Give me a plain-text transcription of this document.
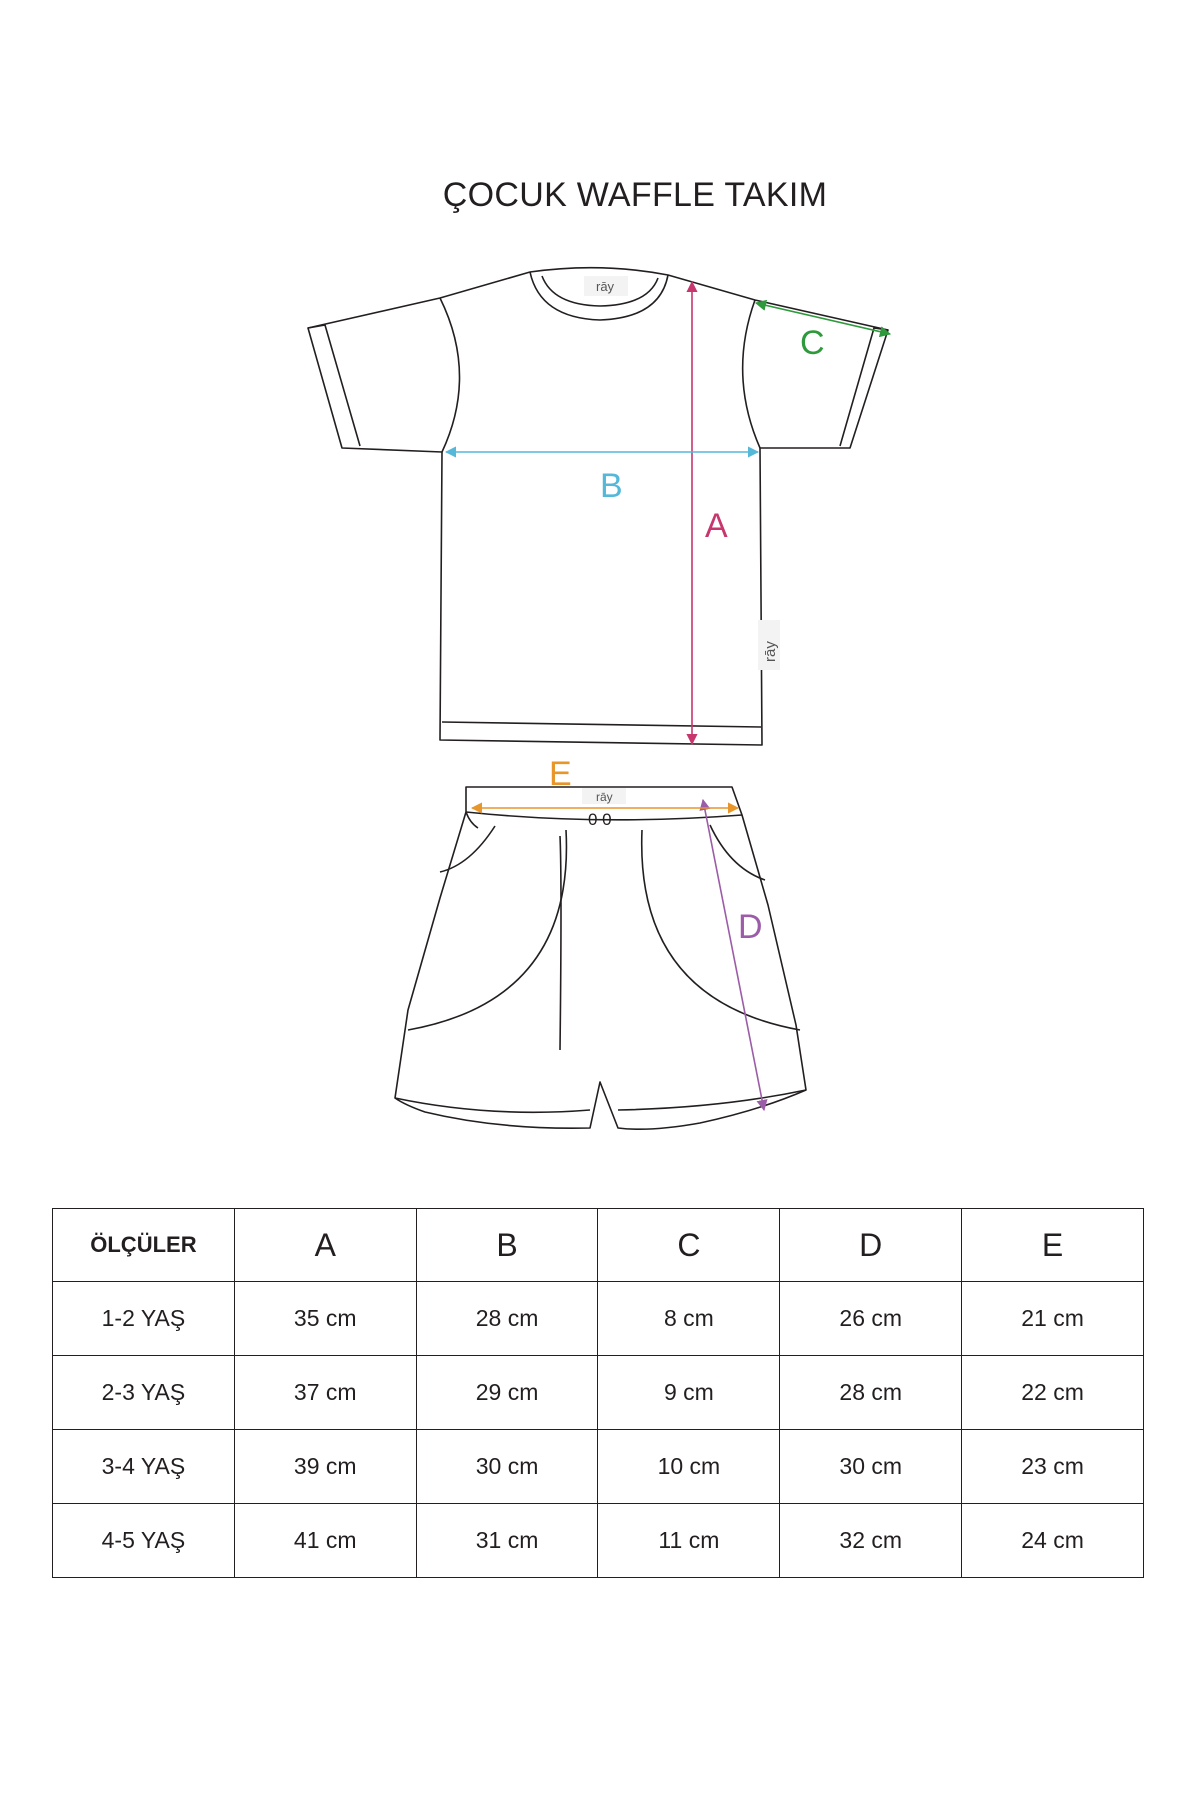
ÇOCUK WAFFLE TAKIM
rāy
rāy
rāy
0 0
A
B
C
D
E
ÖLÇÜLER	A	B	C	D	E
1-2 YAŞ	35 cm	28 cm	8 cm	26 cm	21 cm
2-3 YAŞ	37 cm	29 cm	9 cm	28 cm	22 cm
3-4 YAŞ	39 cm	30 cm	10 cm	30 cm	23 cm
4-5 YAŞ	41 cm	31 cm	11 cm	32 cm	24 cm
